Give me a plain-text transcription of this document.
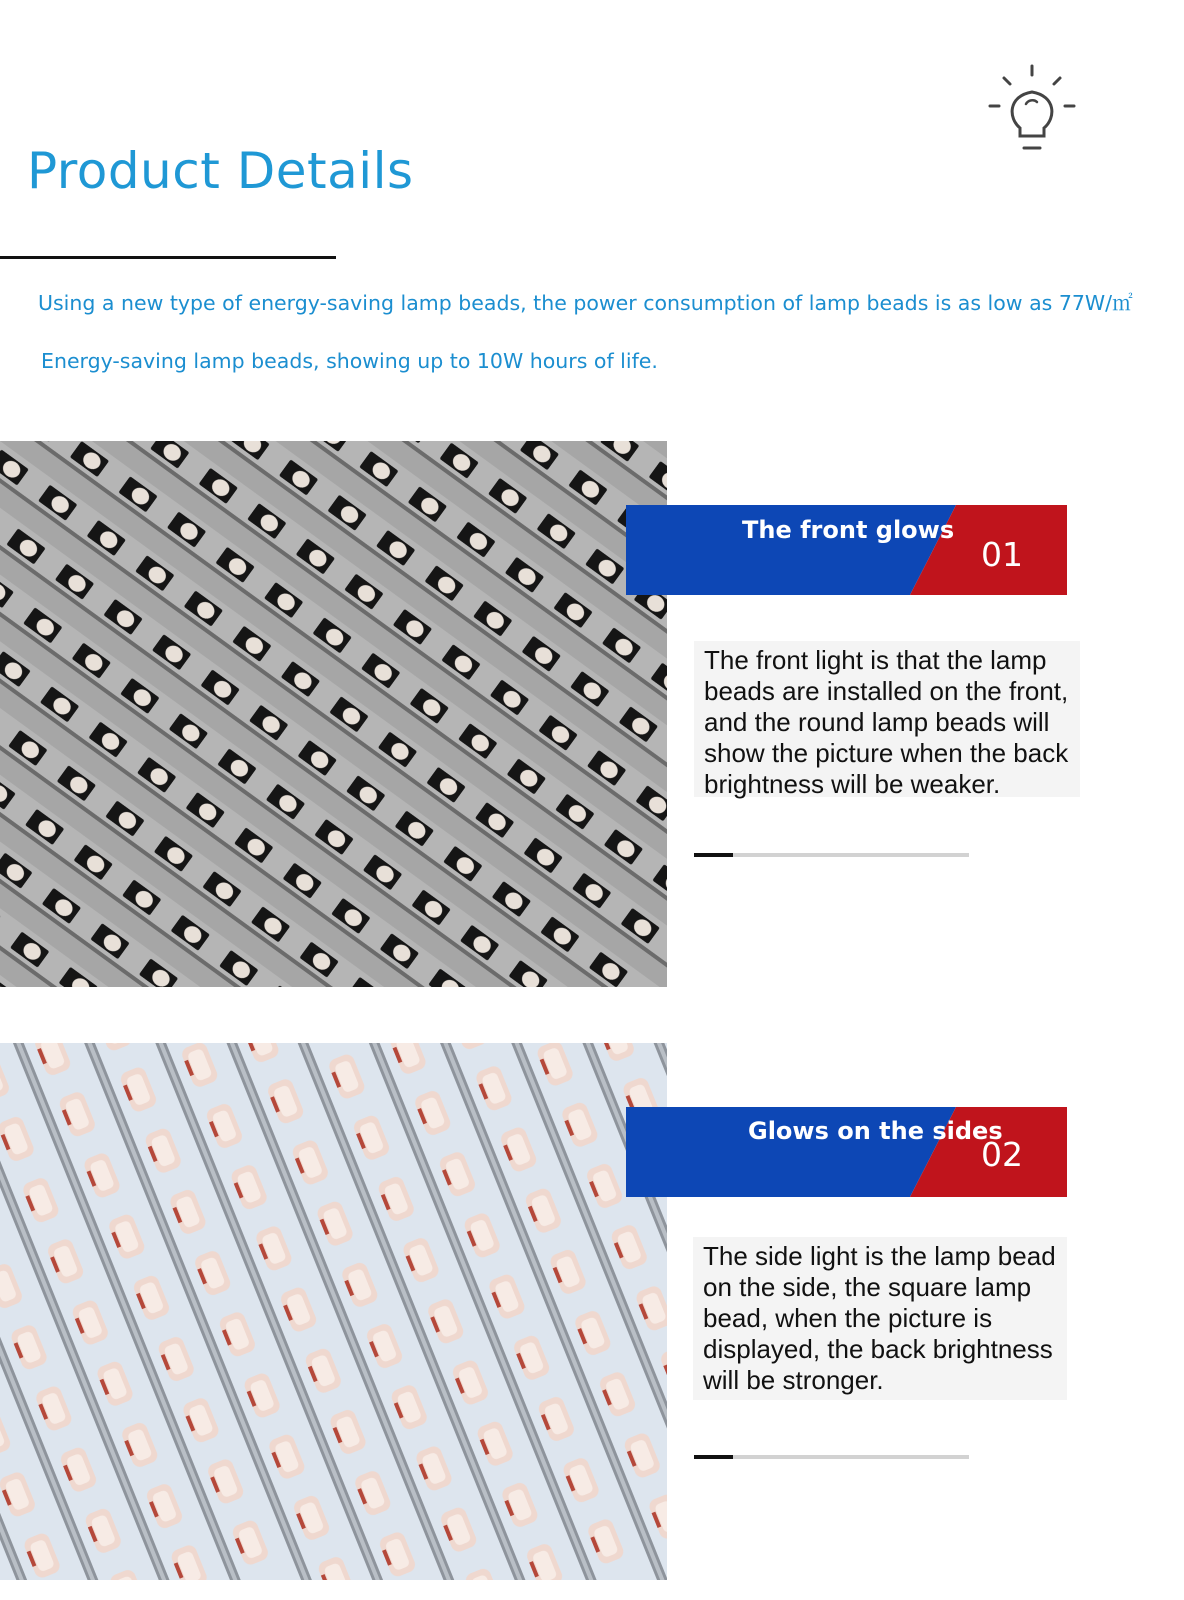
Product Details

Using a new type of energy-saving lamp beads, the power consumption of lamp beads is as low as 77W/㎡

Energy-saving lamp beads, showing up to 10W hours of life.

The front glows
01

The front light is that the lamp beads are installed on the front, and the round lamp beads will show the picture when the back brightness will be weaker.

Glows on the sides
02

The side light is the lamp bead on the side, the square lamp bead, when the picture is displayed, the back brightness will be stronger.
